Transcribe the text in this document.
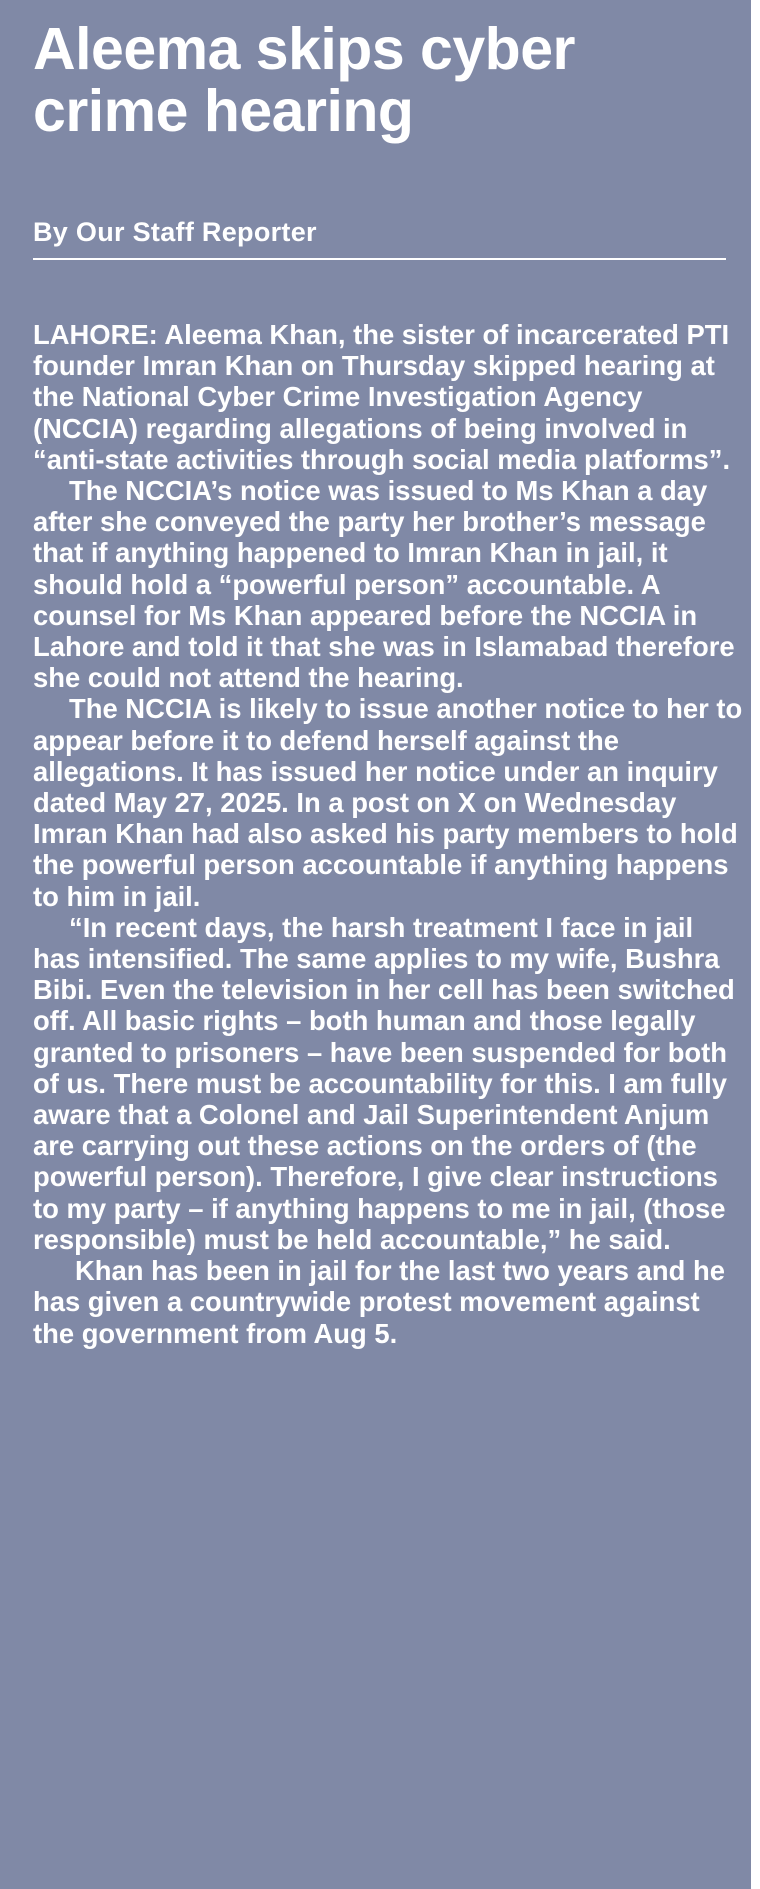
Aleema skips cyber crime hearing
By Our Staff Reporter

LAHORE: Aleema Khan, the sister of incarcerated PTI founder Imran Khan on Thursday skipped hearing at the National Cyber Crime Investigation Agency (NCCIA) regarding allegations of being involved in “anti-state activities through social media platforms”.

The NCCIA’s notice was issued to Ms Khan a day after she conveyed the party her brother’s message that if anything happened to Imran Khan in jail, it should hold a “powerful person” accountable. A counsel for Ms Khan appeared before the NCCIA in Lahore and told it that she was in Islamabad therefore she could not attend the hearing.

The NCCIA is likely to issue another notice to her to appear before it to defend herself against the allegations. It has issued her notice under an inquiry dated May 27, 2025. In a post on X on Wednesday Imran Khan had also asked his party members to hold the powerful person accountable if anything happens to him in jail.

“In recent days, the harsh treatment I face in jail has intensified. The same applies to my wife, Bushra Bibi. Even the television in her cell has been switched off. All basic rights – both human and those legally granted to prisoners – have been suspended for both of us. There must be accountability for this. I am fully aware that a Colonel and Jail Superintendent Anjum are carrying out these actions on the orders of (the powerful person). Therefore, I give clear instructions to my party – if anything happens to me in jail, (those responsible) must be held accountable,” he said.

Khan has been in jail for the last two years and he has given a countrywide protest movement against the government from Aug 5.
